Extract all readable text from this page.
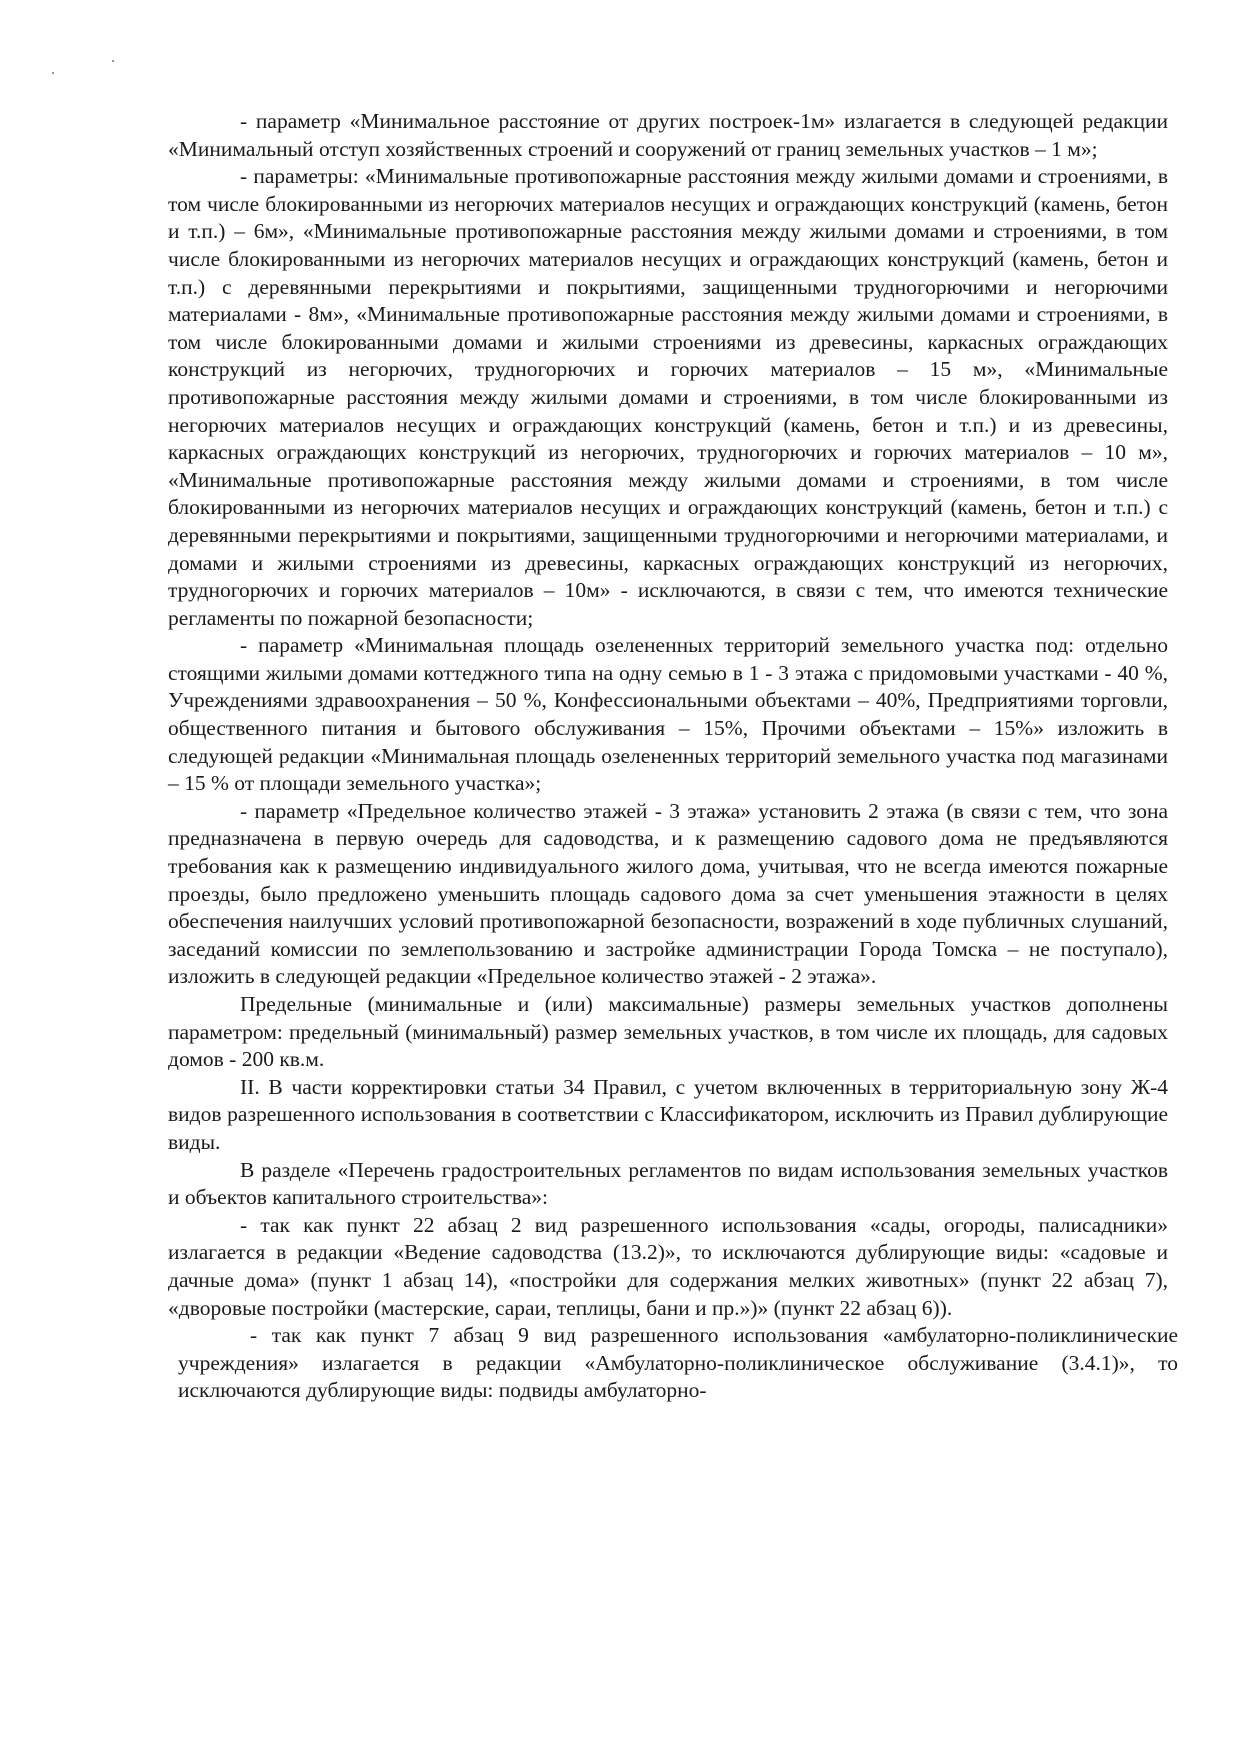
- параметр «Минимальное расстояние от других построек-1м» излагается в следующей редакции «Минимальный отступ хозяйственных строений и сооружений от границ земельных участков – 1 м»;

- параметры: «Минимальные противопожарные расстояния между жилыми домами и строениями, в том числе блокированными из негорючих материалов несущих и ограждающих конструкций (камень, бетон и т.п.) – 6м», «Минимальные противопожарные расстояния между жилыми домами и строениями, в том числе блокированными из негорючих материалов несущих и ограждающих конструкций (камень, бетон и т.п.) с деревянными перекрытиями и покрытиями, защищенными трудногорючими и негорючими материалами - 8м», «Минимальные противопожарные расстояния между жилыми домами и строениями, в том числе блокированными домами и жилыми строениями из древесины, каркасных ограждающих конструкций из негорючих, трудногорючих и горючих материалов – 15 м», «Минимальные противопожарные расстояния между жилыми домами и строениями, в том числе блокированными из негорючих материалов несущих и ограждающих конструкций (камень, бетон и т.п.) и из древесины, каркасных ограждающих конструкций из негорючих, трудногорючих и горючих материалов – 10 м», «Минимальные противопожарные расстояния между жилыми домами и строениями, в том числе блокированными из негорючих материалов несущих и ограждающих конструкций (камень, бетон и т.п.) с деревянными перекрытиями и покрытиями, защищенными трудногорючими и негорючими материалами, и домами и жилыми строениями из древесины, каркасных ограждающих конструкций из негорючих, трудногорючих и горючих материалов – 10м» - исключаются, в связи с тем, что имеются технические регламенты по пожарной безопасности;

- параметр «Минимальная площадь озелененных территорий земельного участка под: отдельно стоящими жилыми домами коттеджного типа на одну семью в 1 - 3 этажа с придомовыми участками - 40 %, Учреждениями здравоохранения – 50 %, Конфессиональными объектами – 40%, Предприятиями торговли, общественного питания и бытового обслуживания – 15%, Прочими объектами – 15%» изложить в следующей редакции «Минимальная площадь озелененных территорий земельного участка под магазинами – 15 % от площади земельного участка»;

- параметр «Предельное количество этажей - 3 этажа» установить 2 этажа (в связи с тем, что зона предназначена в первую очередь для садоводства, и к размещению садового дома не предъявляются требования как к размещению индивидуального жилого дома, учитывая, что не всегда имеются пожарные проезды, было предложено уменьшить площадь садового дома за счет уменьшения этажности в целях обеспечения наилучших условий противопожарной безопасности, возражений в ходе публичных слушаний, заседаний комиссии по землепользованию и застройке администрации Города Томска – не поступало), изложить в следующей редакции «Предельное количество этажей - 2 этажа».

Предельные (минимальные и (или) максимальные) размеры земельных участков дополнены параметром: предельный (минимальный) размер земельных участков, в том числе их площадь, для садовых домов - 200 кв.м.

II. В части корректировки статьи 34 Правил, с учетом включенных в территориальную зону Ж-4 видов разрешенного использования в соответствии с Классификатором, исключить из Правил дублирующие виды.

В разделе «Перечень градостроительных регламентов по видам использования земельных участков и объектов капитального строительства»:

- так как пункт 22 абзац 2 вид разрешенного использования «сады, огороды, палисадники» излагается в редакции «Ведение садоводства (13.2)», то исключаются дублирующие виды: «садовые и дачные дома» (пункт 1 абзац 14), «постройки для содержания мелких животных» (пункт 22 абзац 7), «дворовые постройки (мастерские, сараи, теплицы, бани и пр.»)» (пункт 22 абзац 6)).

- так как пункт 7 абзац 9 вид разрешенного использования «амбулаторно-поликлинические учреждения» излагается в редакции «Амбулаторно-поликлиническое обслуживание (3.4.1)», то исключаются дублирующие виды: подвиды амбулаторно-
